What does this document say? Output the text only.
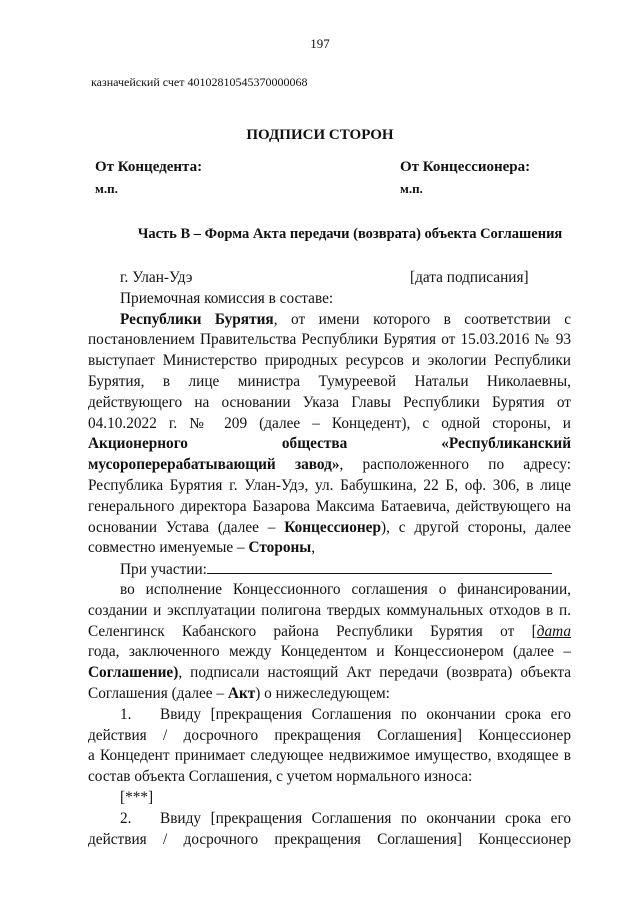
197
казначейский счет 40102810545370000068
ПОДПИСИ СТОРОН
От Концедента:	От Концессионера:
м.п.	м.п.
Часть В – Форма Акта передачи (возврата) объекта Соглашения
г. Улан-Удэ	[дата подписания]
Приемочная комиссия в составе:
Республики Бурятия, от имени которого в соответствии с
постановлением Правительства Республики Бурятия от 15.03.2016 № 93
выступает Министерство природных ресурсов и экологии Республики
Бурятия, в лице министра Тумуреевой Натальи Николаевны,
действующего на основании Указа Главы Республики Бурятия от
04.10.2022 г. № 209 (далее – Концедент), с одной стороны, и
Акционерного	общества	«Республиканский
мусороперерабатывающий завод», расположенного по адресу:
Республика Бурятия г. Улан-Удэ, ул. Бабушкина, 22 Б, оф. 306, в лице
генерального директора Базарова Максима Батаевича, действующего на
основании Устава (далее – Концессионер), с другой стороны, далее
совместно именуемые – Стороны,
При участии:
во исполнение Концессионного соглашения о финансировании,
создании и эксплуатации полигона твердых коммунальных отходов в п.
Селенгинск Кабанского района Республики Бурятия от [дата
года, заключенного между Концедентом и Концессионером (далее –
Соглашение), подписали настоящий Акт передачи (возврата) объекта
Соглашения (далее – Акт) о нижеследующем:
1. Ввиду [прекращения Соглашения по окончании срока его
действия / досрочного прекращения Соглашения] Концессионер
а Концедент принимает следующее недвижимое имущество, входящее в
состав объекта Соглашения, с учетом нормального износа:
[***]
2. Ввиду [прекращения Соглашения по окончании срока его
действия / досрочного прекращения Соглашения] Концессионер
